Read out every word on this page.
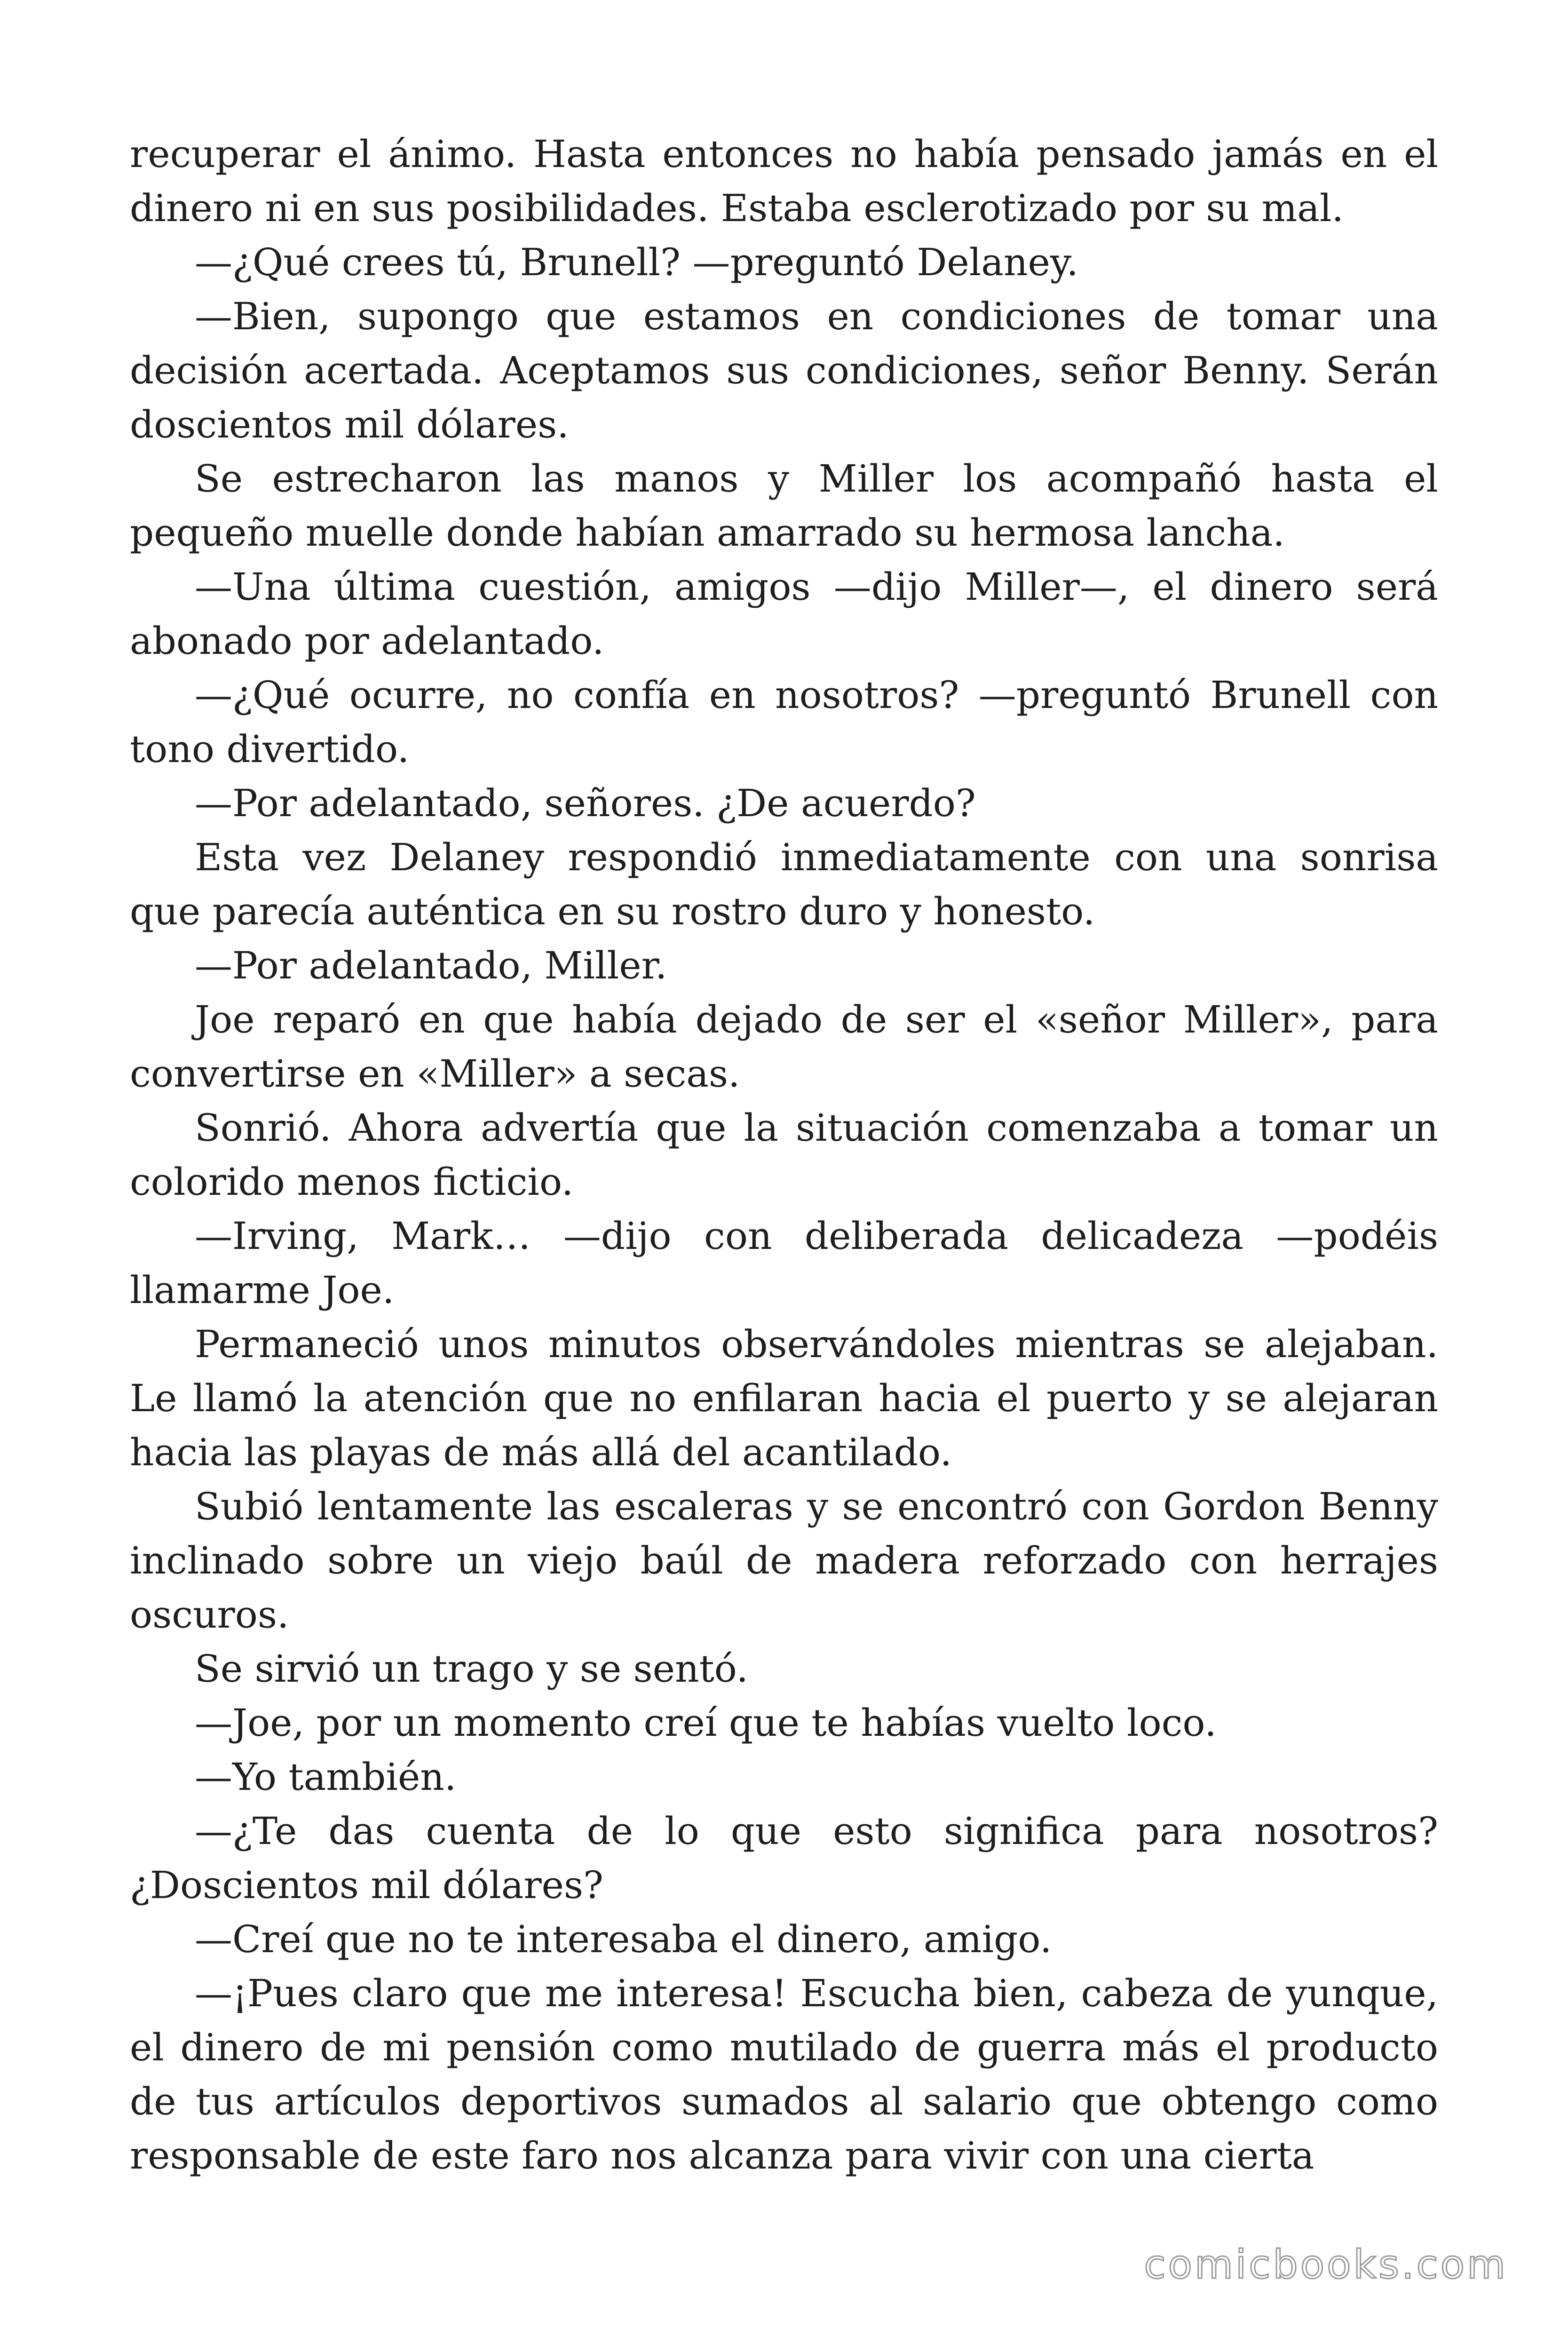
recuperar el ánimo. Hasta entonces no había pensado jamás en el dinero ni en sus posibilidades. Estaba esclerotizado por su mal.

—¿Qué crees tú, Brunell? —preguntó Delaney.

—Bien, supongo que estamos en condiciones de tomar una decisión acertada. Aceptamos sus condiciones, señor Benny. Serán doscientos mil dólares.

Se estrecharon las manos y Miller los acompañó hasta el pequeño muelle donde habían amarrado su hermosa lancha.

—Una última cuestión, amigos —dijo Miller—, el dinero será abonado por adelantado.

—¿Qué ocurre, no confía en nosotros? —preguntó Brunell con tono divertido.

—Por adelantado, señores. ¿De acuerdo?

Esta vez Delaney respondió inmediatamente con una sonrisa que parecía auténtica en su rostro duro y honesto.

—Por adelantado, Miller.

Joe reparó en que había dejado de ser el «señor Miller», para convertirse en «Miller» a secas.

Sonrió. Ahora advertía que la situación comenzaba a tomar un colorido menos ficticio.

—Irving, Mark… —dijo con deliberada delicadeza —podéis llamarme Joe.

Permaneció unos minutos observándoles mientras se alejaban. Le llamó la atención que no enfilaran hacia el puerto y se alejaran hacia las playas de más allá del acantilado.

Subió lentamente las escaleras y se encontró con Gordon Benny inclinado sobre un viejo baúl de madera reforzado con herrajes oscuros.

Se sirvió un trago y se sentó.

—Joe, por un momento creí que te habías vuelto loco.

—Yo también.

—¿Te das cuenta de lo que esto significa para nosotros? ¿Doscientos mil dólares?

—Creí que no te interesaba el dinero, amigo.

—¡Pues claro que me interesa! Escucha bien, cabeza de yunque, el dinero de mi pensión como mutilado de guerra más el producto de tus artículos deportivos sumados al salario que obtengo como responsable de este faro nos alcanza para vivir con una cierta

comicbooks.com
